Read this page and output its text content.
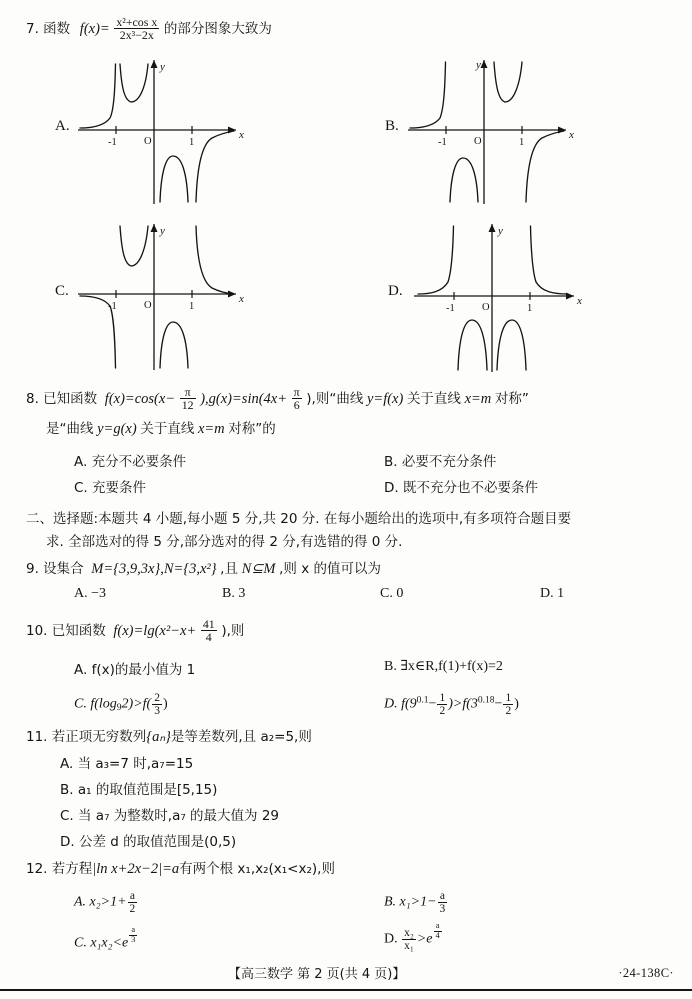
7. 函数 $f(x)= \frac{\text{x²+cos x}}{\text{2x³−2x}}$ 的部分图象大致为
A.
x
y
O
-1	1
B.
x
y
O
-1	1
C.	x
y
O
-1	1
D.
x
y
O
-1	1
8. 已知函数 $f(x)=\cos(x- \frac{\pi}{12} ),g(x)=\sin(4x+ \frac{\pi}{6}$ ),则“曲线 y=f(x) 关于直线 x=m 对称”
是“曲线 y=g(x) 关于直线 x=m 对称”的
A. 充分不必要条件	B. 必要不充分条件
C. 充要条件	D. 既不充分也不必要条件
二、选择题:本题共 4 小题,每小题 5 分,共 20 分. 在每小题给出的选项中,有多项符合题目要
求. 全部选对的得 5 分,部分选对的得 2 分,有选错的得 0 分.
9. 设集合 M={3,9,3x},N={3,x²} ,且 N⊆M ,则 x 的值可以为
A. −3	B. 3	C. 0	D. 1
10. 已知函数 $f(x)=\lg(x^2-x+ \frac{41}{4}$ ),则
A. f(x)的最小值为 1	B. ∃x∈R,f(1)+f(x)=2
C. $f(\log_92)>f( \frac{2}{3}$ )	D. $f(9^{0.1}- \frac{1}{2} )>f(3^{0.18}- \frac{1}{2}$ )
11. 若正项无穷数列{aₙ}是等差数列,且 a₂=5,则
A. 当 a₃=7 时,a₇=15
B. a₁ 的取值范围是[5,15)
C. 当 a₇ 为整数时,a₇ 的最大值为 29
D. 公差 d 的取值范围是(0,5)
12. 若方程|ln x+2x−2|=a有两个根 x₁,x₂(x₁<x₂),则
A. $x_2>1+ \frac{a}{2}$	B. $x_1>1- \frac{a}{3}$
C. $x_1x_2<e \frac{a}{3}$	D. $\frac{\text{x₂}}{\text{x₁}} >e \frac{a}{4}$
【高三数学 第 2 页(共 4 页)】	·24-138C·
